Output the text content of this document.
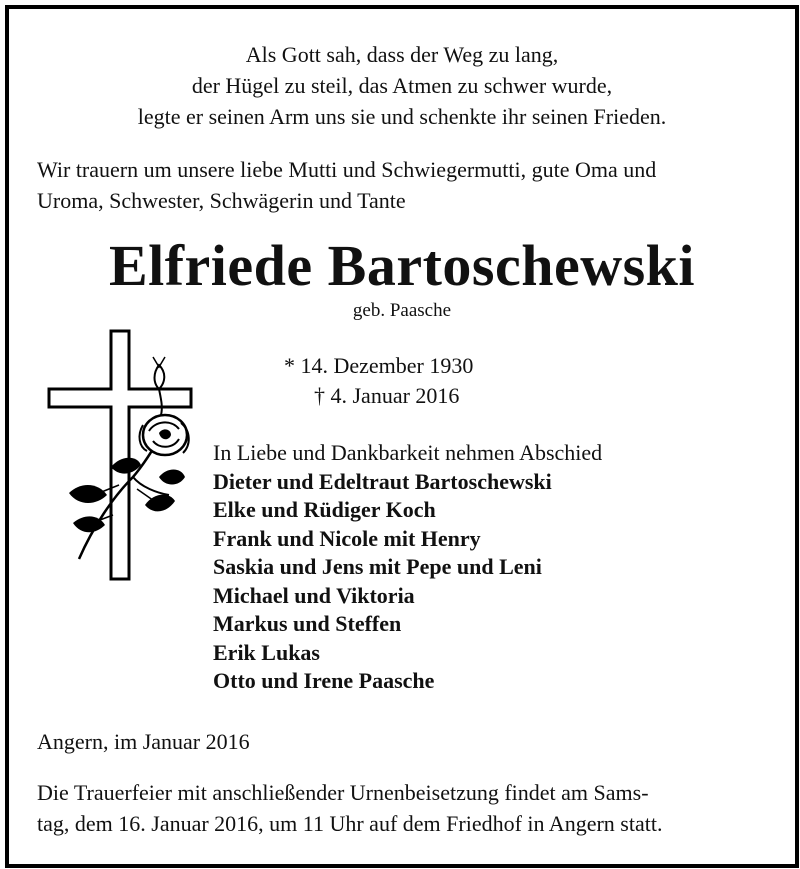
Als Gott sah, dass der Weg zu lang,
der Hügel zu steil, das Atmen zu schwer wurde,
legte er seinen Arm uns sie und schenkte ihr seinen Frieden.
Wir trauern um unsere liebe Mutti und Schwiegermutti, gute Oma und
Uroma, Schwester, Schwägerin und Tante
Elfriede Bartoschewski
geb. Paasche
* 14. Dezember 1930
† 4. Januar 2016
In Liebe und Dankbarkeit nehmen Abschied
Dieter und Edeltraut Bartoschewski
Elke und Rüdiger Koch
Frank und Nicole mit Henry
Saskia und Jens mit Pepe und Leni
Michael und Viktoria
Markus und Steffen
Erik Lukas
Otto und Irene Paasche
Angern, im Januar 2016
Die Trauerfeier mit anschließender Urnenbeisetzung findet am Sams-
tag, dem 16. Januar 2016, um 11 Uhr auf dem Friedhof in Angern statt.
